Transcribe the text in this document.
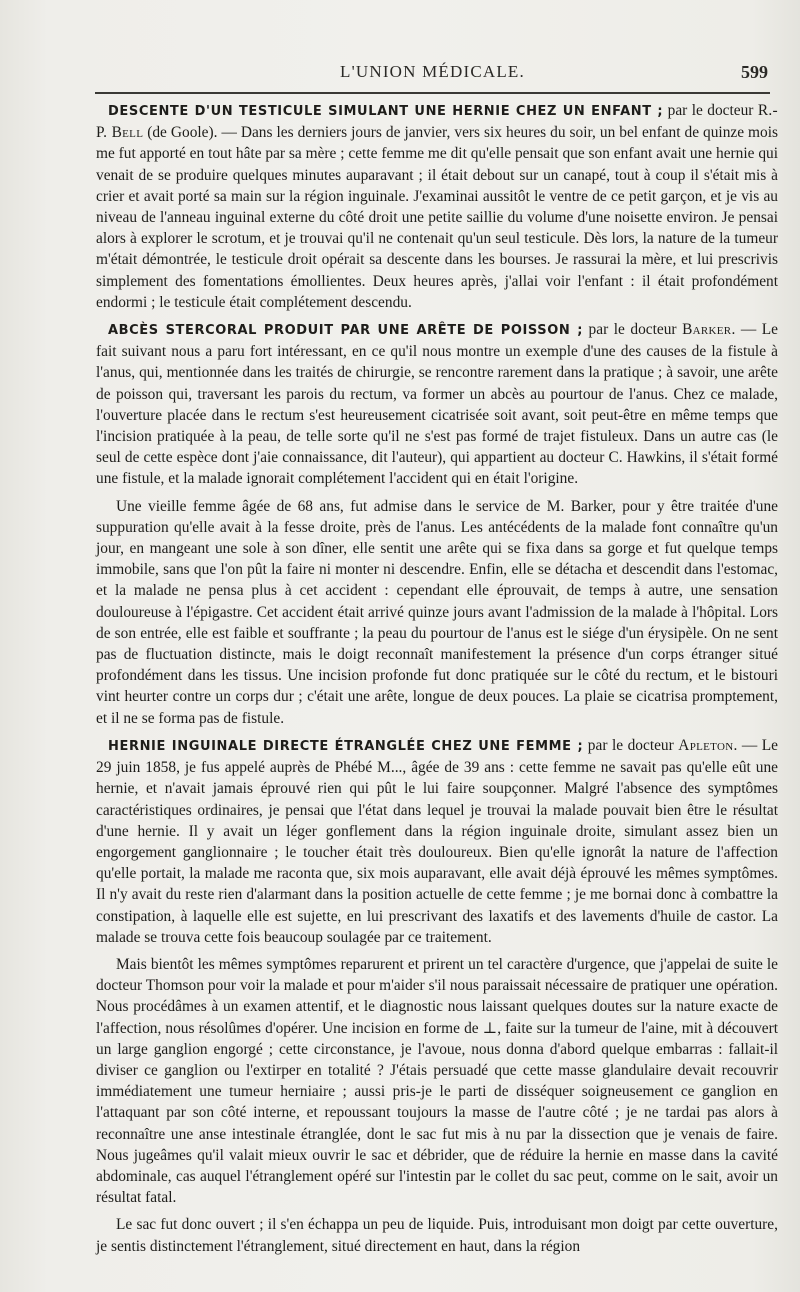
L'UNION MÉDICALE.	599

DESCENTE D'UN TESTICULE SIMULANT UNE HERNIE CHEZ UN ENFANT ; par le docteur R.-P. Bell (de Goole). — Dans les derniers jours de janvier, vers six heures du soir, un bel enfant de quinze mois me fut apporté en tout hâte par sa mère ; cette femme me dit qu'elle pensait que son enfant avait une hernie qui venait de se produire quelques minutes auparavant ; il était debout sur un canapé, tout à coup il s'était mis à crier et avait porté sa main sur la région inguinale. J'examinai aussitôt le ventre de ce petit garçon, et je vis au niveau de l'anneau inguinal externe du côté droit une petite saillie du volume d'une noisette environ. Je pensai alors à explorer le scrotum, et je trouvai qu'il ne contenait qu'un seul testicule. Dès lors, la nature de la tumeur m'était démontrée, le testicule droit opérait sa descente dans les bourses. Je rassurai la mère, et lui prescrivis simplement des fomentations émollientes. Deux heures après, j'allai voir l'enfant : il était profondément endormi ; le testicule était complétement descendu.

ABCÈS STERCORAL PRODUIT PAR UNE ARÊTE DE POISSON ; par le docteur Barker. — Le fait suivant nous a paru fort intéressant, en ce qu'il nous montre un exemple d'une des causes de la fistule à l'anus, qui, mentionnée dans les traités de chirurgie, se rencontre rarement dans la pratique ; à savoir, une arête de poisson qui, traversant les parois du rectum, va former un abcès au pourtour de l'anus. Chez ce malade, l'ouverture placée dans le rectum s'est heureusement cicatrisée soit avant, soit peut-être en même temps que l'incision pratiquée à la peau, de telle sorte qu'il ne s'est pas formé de trajet fistuleux. Dans un autre cas (le seul de cette espèce dont j'aie connaissance, dit l'auteur), qui appartient au docteur C. Hawkins, il s'était formé une fistule, et la malade ignorait complétement l'accident qui en était l'origine.

Une vieille femme âgée de 68 ans, fut admise dans le service de M. Barker, pour y être traitée d'une suppuration qu'elle avait à la fesse droite, près de l'anus. Les antécédents de la malade font connaître qu'un jour, en mangeant une sole à son dîner, elle sentit une arête qui se fixa dans sa gorge et fut quelque temps immobile, sans que l'on pût la faire ni monter ni descendre. Enfin, elle se détacha et descendit dans l'estomac, et la malade ne pensa plus à cet accident : cependant elle éprouvait, de temps à autre, une sensation douloureuse à l'épigastre. Cet accident était arrivé quinze jours avant l'admission de la malade à l'hôpital. Lors de son entrée, elle est faible et souffrante ; la peau du pourtour de l'anus est le siége d'un érysipèle. On ne sent pas de fluctuation distincte, mais le doigt reconnaît manifestement la présence d'un corps étranger situé profondément dans les tissus. Une incision profonde fut donc pratiquée sur le côté du rectum, et le bistouri vint heurter contre un corps dur ; c'était une arête, longue de deux pouces. La plaie se cicatrisa promptement, et il ne se forma pas de fistule.

HERNIE INGUINALE DIRECTE ÉTRANGLÉE CHEZ UNE FEMME ; par le docteur Apleton. — Le 29 juin 1858, je fus appelé auprès de Phébé M..., âgée de 39 ans : cette femme ne savait pas qu'elle eût une hernie, et n'avait jamais éprouvé rien qui pût le lui faire soupçonner. Malgré l'absence des symptômes caractéristiques ordinaires, je pensai que l'état dans lequel je trouvai la malade pouvait bien être le résultat d'une hernie. Il y avait un léger gonflement dans la région inguinale droite, simulant assez bien un engorgement ganglionnaire ; le toucher était très douloureux. Bien qu'elle ignorât la nature de l'affection qu'elle portait, la malade me raconta que, six mois auparavant, elle avait déjà éprouvé les mêmes symptômes. Il n'y avait du reste rien d'alarmant dans la position actuelle de cette femme ; je me bornai donc à combattre la constipation, à laquelle elle est sujette, en lui prescrivant des laxatifs et des lavements d'huile de castor. La malade se trouva cette fois beaucoup soulagée par ce traitement.

Mais bientôt les mêmes symptômes reparurent et prirent un tel caractère d'urgence, que j'appelai de suite le docteur Thomson pour voir la malade et pour m'aider s'il nous paraissait nécessaire de pratiquer une opération. Nous procédâmes à un examen attentif, et le diagnostic nous laissant quelques doutes sur la nature exacte de l'affection, nous résolûmes d'opérer. Une incision en forme de ⊥, faite sur la tumeur de l'aine, mit à découvert un large ganglion engorgé ; cette circonstance, je l'avoue, nous donna d'abord quelque embarras : fallait-il diviser ce ganglion ou l'extirper en totalité ? J'étais persuadé que cette masse glandulaire devait recouvrir immédiatement une tumeur herniaire ; aussi pris-je le parti de disséquer soigneusement ce ganglion en l'attaquant par son côté interne, et repoussant toujours la masse de l'autre côté ; je ne tardai pas alors à reconnaître une anse intestinale étranglée, dont le sac fut mis à nu par la dissection que je venais de faire. Nous jugeâmes qu'il valait mieux ouvrir le sac et débrider, que de réduire la hernie en masse dans la cavité abdominale, cas auquel l'étranglement opéré sur l'intestin par le collet du sac peut, comme on le sait, avoir un résultat fatal.

Le sac fut donc ouvert ; il s'en échappa un peu de liquide. Puis, introduisant mon doigt par cette ouverture, je sentis distinctement l'étranglement, situé directement en haut, dans la région
